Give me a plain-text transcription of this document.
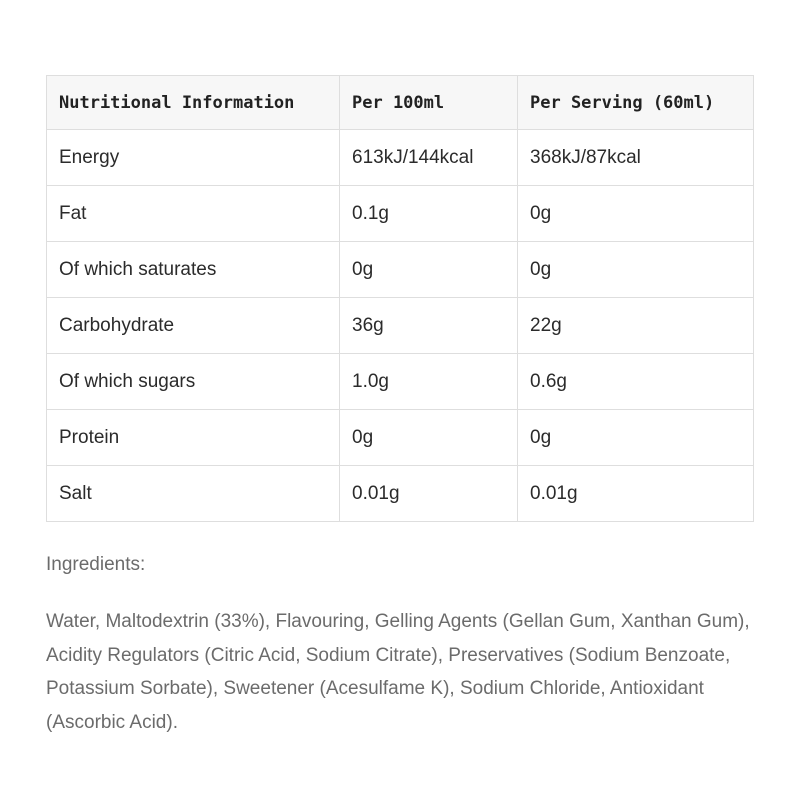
Nutritional Information	Per 100ml	Per Serving (60ml)
Energy	613kJ/144kcal	368kJ/87kcal
Fat	0.1g	0g
Of which saturates	0g	0g
Carbohydrate	36g	22g
Of which sugars	1.0g	0.6g
Protein	0g	0g
Salt	0.01g	0.01g
Ingredients:

Water, Maltodextrin (33%), Flavouring, Gelling Agents (Gellan Gum, Xanthan Gum), Acidity Regulators (Citric Acid, Sodium Citrate), Preservatives (Sodium Benzoate, Potassium Sorbate), Sweetener (Acesulfame K), Sodium Chloride, Antioxidant (Ascorbic Acid).
